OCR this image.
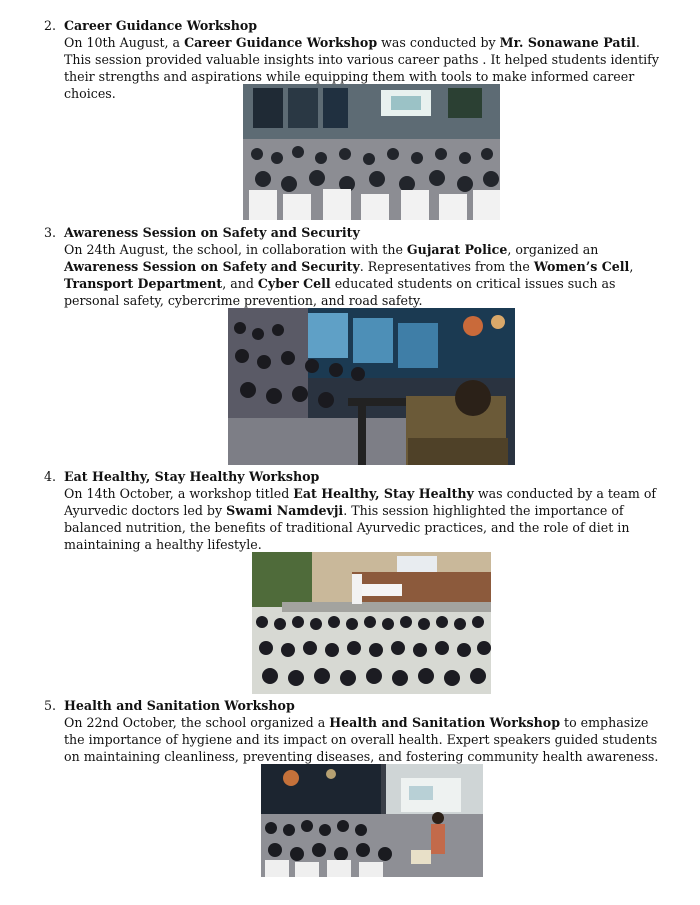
2. Career Guidance Workshop
On 10th August, a Career Guidance Workshop was conducted by Mr. Sonawane Patil. This session provided valuable insights into various career paths . It helped students identify their strengths and aspirations while equipping them with tools to make informed career choices.
3. Awareness Session on Safety and Security
On 24th August, the school, in collaboration with the Gujarat Police, organized an Awareness Session on Safety and Security. Representatives from the Women’s Cell, Transport Department, and Cyber Cell educated students on critical issues such as personal safety, cybercrime prevention, and road safety.
4. Eat Healthy, Stay Healthy Workshop
On 14th October, a workshop titled Eat Healthy, Stay Healthy was conducted by a team of Ayurvedic doctors led by Swami Namdevji. This session highlighted the importance of balanced nutrition, the benefits of traditional Ayurvedic practices, and the role of diet in maintaining a healthy lifestyle.
5. Health and Sanitation Workshop
On 22nd October, the school organized a Health and Sanitation Workshop to emphasize the importance of hygiene and its impact on overall health. Expert speakers guided students on maintaining cleanliness, preventing diseases, and fostering community health awareness.
